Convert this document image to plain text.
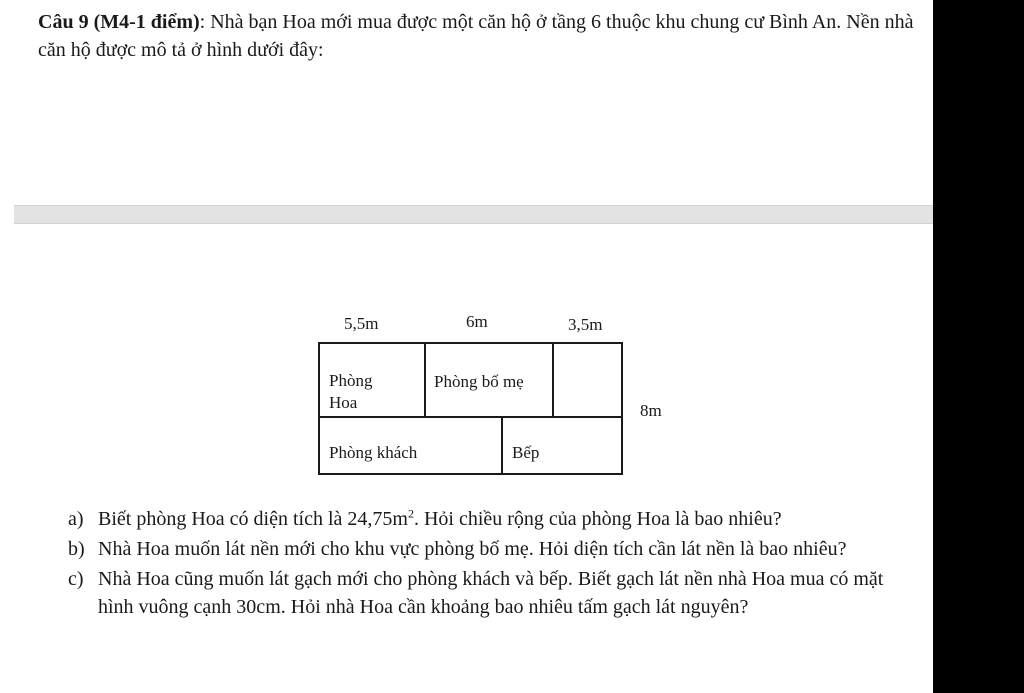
Câu 9 (M4-1 điểm): Nhà bạn Hoa mới mua được một căn hộ ở tầng 6 thuộc khu chung cư Bình An. Nền nhà căn hộ được mô tả ở hình dưới đây:

5,5m	6m	3,5m
8m
Phòng Hoa
Phòng bố mẹ
Phòng khách	Bếp
a) Biết phòng Hoa có diện tích là $24,75m^2$. Hỏi chiều rộng của phòng Hoa là bao nhiêu?
b) Nhà Hoa muốn lát nền mới cho khu vực phòng bố mẹ. Hỏi diện tích cần lát nền là bao nhiêu?
c) Nhà Hoa cũng muốn lát gạch mới cho phòng khách và bếp. Biết gạch lát nền nhà Hoa mua có mặt hình vuông cạnh 30cm. Hỏi nhà Hoa cần khoảng bao nhiêu tấm gạch lát nguyên?
